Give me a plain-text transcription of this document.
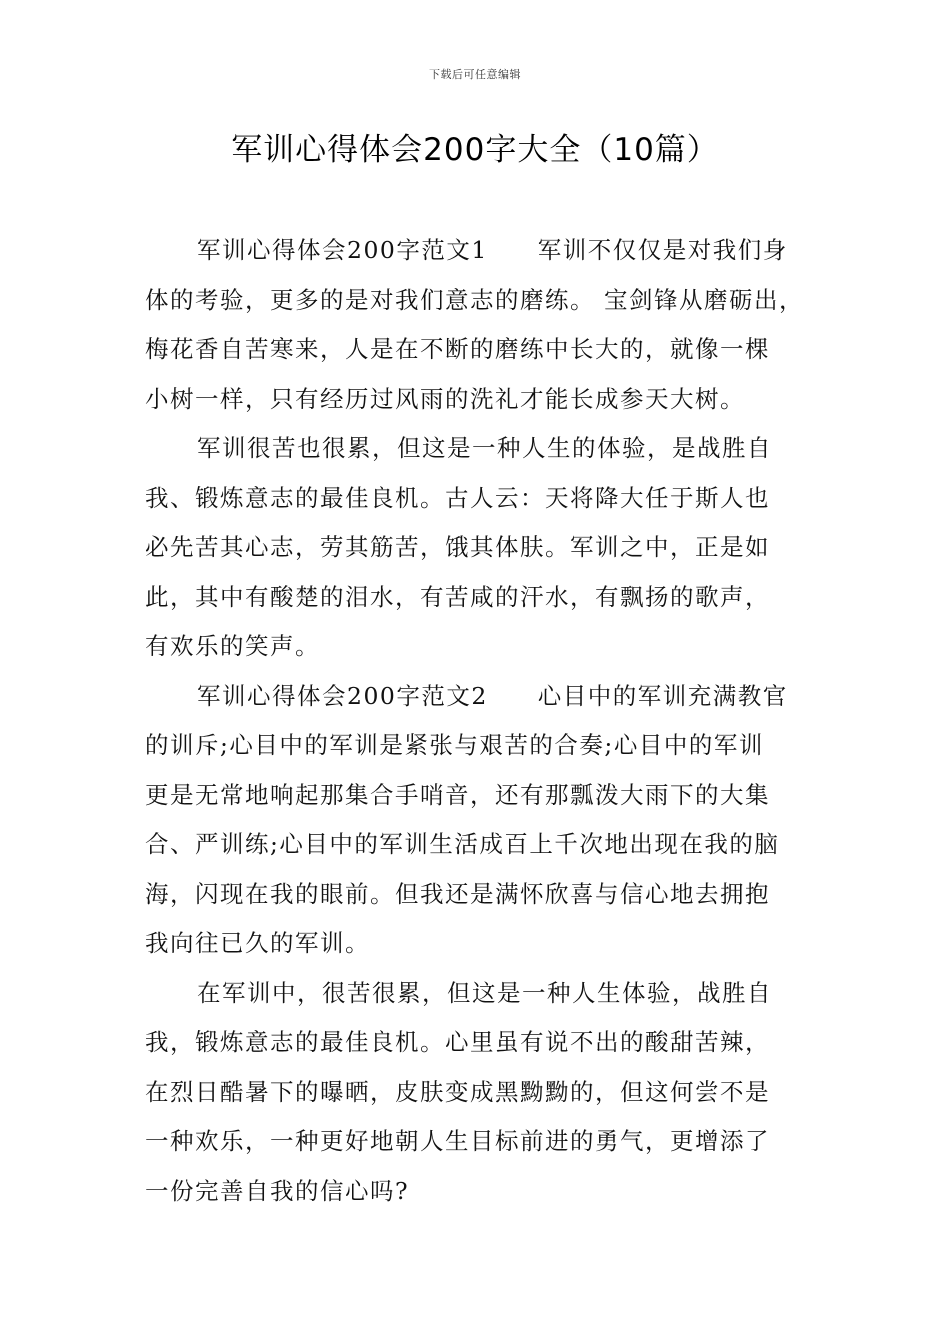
下载后可任意编辑
军训心得体会200字大全（10篇）
军训心得体会200字范文1　　军训不仅仅是对我们身
体的考验，更多的是对我们意志的磨练。 宝剑锋从磨砺出，
梅花香自苦寒来，人是在不断的磨练中长大的，就像一棵
小树一样，只有经历过风雨的洗礼才能长成参天大树。
军训很苦也很累，但这是一种人生的体验，是战胜自
我、锻炼意志的最佳良机。古人云：天将降大任于斯人也
必先苦其心志，劳其筋苦，饿其体肤。军训之中，正是如
此，其中有酸楚的泪水，有苦咸的汗水，有飘扬的歌声，
有欢乐的笑声。
军训心得体会200字范文2　　心目中的军训充满教官
的训斥;心目中的军训是紧张与艰苦的合奏;心目中的军训
更是无常地响起那集合手哨音，还有那瓢泼大雨下的大集
合、严训练;心目中的军训生活成百上千次地出现在我的脑
海，闪现在我的眼前。但我还是满怀欣喜与信心地去拥抱
我向往已久的军训。
在军训中，很苦很累，但这是一种人生体验，战胜自
我，锻炼意志的最佳良机。心里虽有说不出的酸甜苦辣，
在烈日酷暑下的曝晒，皮肤变成黑黝黝的，但这何尝不是
一种欢乐，一种更好地朝人生目标前进的勇气，更增添了
一份完善自我的信心吗?
